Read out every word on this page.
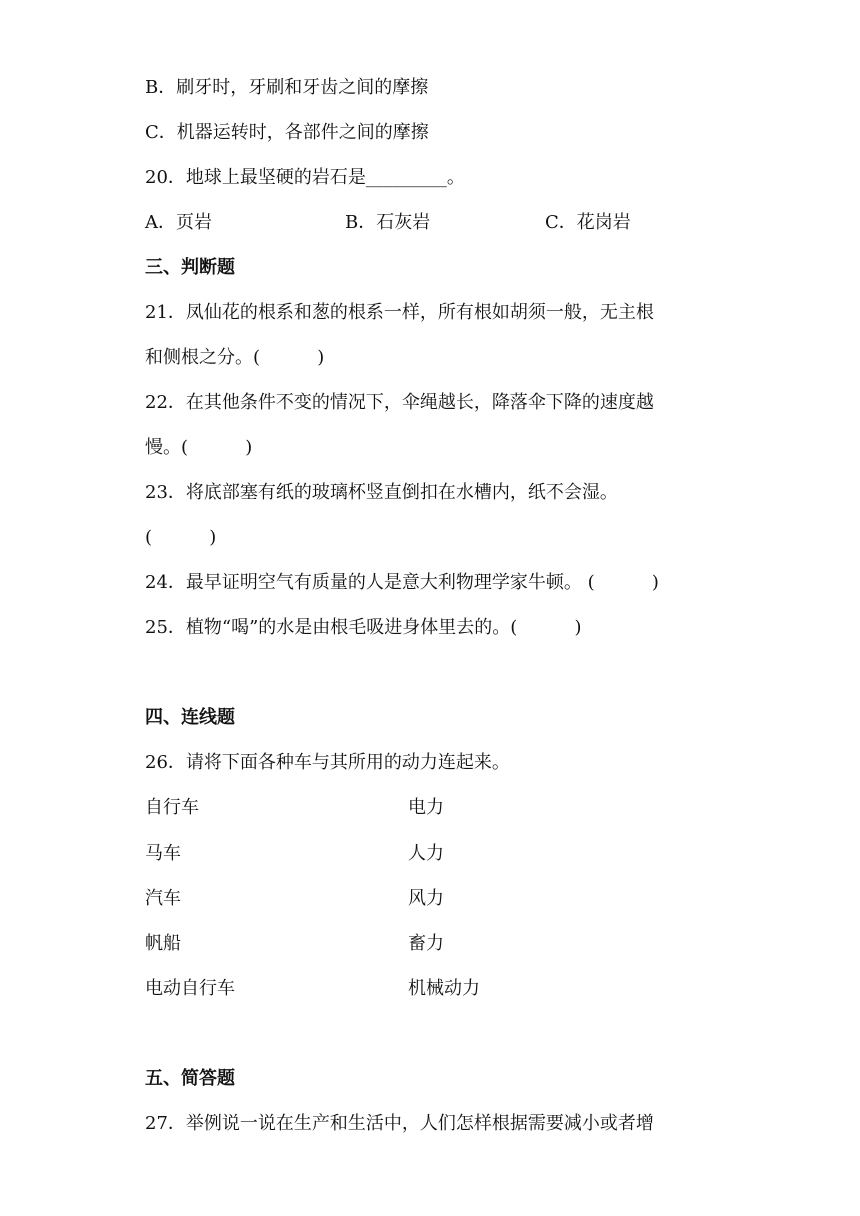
B．刷牙时，牙刷和牙齿之间的摩擦
C．机器运转时，各部件之间的摩擦
20．地球上最坚硬的岩石是_________。
A．页岩	B．石灰岩	C．花岗岩
三、判断题
21．凤仙花的根系和葱的根系一样，所有根如胡须一般，无主根
和侧根之分。(          )
22．在其他条件不变的情况下，伞绳越长，降落伞下降的速度越
慢。(          )
23．将底部塞有纸的玻璃杯竖直倒扣在水槽内，纸不会湿。
(          )
24．最早证明空气有质量的人是意大利物理学家牛顿。 (          )
25．植物“喝”的水是由根毛吸进身体里去的。(          )
四、连线题
26．请将下面各种车与其所用的动力连起来。
自行车	电力
马车	人力
汽车	风力
帆船	畜力
电动自行车	机械动力
五、简答题
27．举例说一说在生产和生活中，人们怎样根据需要减小或者增
